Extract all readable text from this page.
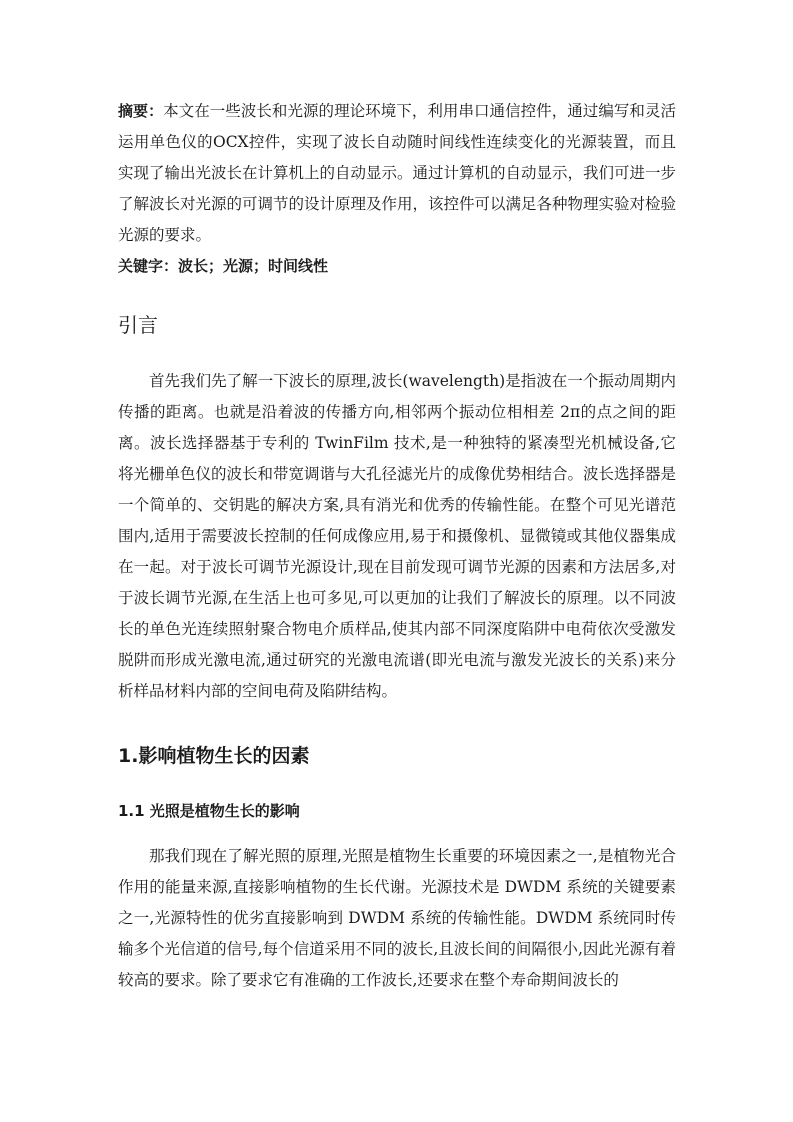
摘要：本文在一些波长和光源的理论环境下，利用串口通信控件，通过编写和灵活运用单色仪的OCX控件，实现了波长自动随时间线性连续变化的光源装置，而且实现了输出光波长在计算机上的自动显示。通过计算机的自动显示，我们可进一步了解波长对光源的可调节的设计原理及作用，该控件可以满足各种物理实验对检验光源的要求。

关键字：波长；光源；时间线性
引言

首先我们先了解一下波长的原理,波长(wavelength)是指波在一个振动周期内传播的距离。也就是沿着波的传播方向,相邻两个振动位相相差 2π的点之间的距离。波长选择器基于专利的 TwinFilm 技术,是一种独特的紧凑型光机械设备,它将光栅单色仪的波长和带宽调谐与大孔径滤光片的成像优势相结合。波长选择器是一个简单的、交钥匙的解决方案,具有消光和优秀的传输性能。在整个可见光谱范围内,适用于需要波长控制的任何成像应用,易于和摄像机、显微镜或其他仪器集成在一起。对于波长可调节光源设计,现在目前发现可调节光源的因素和方法居多,对于波长调节光源,在生活上也可多见,可以更加的让我们了解波长的原理。以不同波长的单色光连续照射聚合物电介质样品,使其内部不同深度陷阱中电荷依次受激发脱阱而形成光激电流,通过研究的光激电流谱(即光电流与激发光波长的关系)来分析样品材料内部的空间电荷及陷阱结构。

1.影响植物生长的因素
1.1 光照是植物生长的影响

那我们现在了解光照的原理,光照是植物生长重要的环境因素之一,是植物光合作用的能量来源,直接影响植物的生长代谢。光源技术是 DWDM 系统的关键要素之一,光源特性的优劣直接影响到 DWDM 系统的传输性能。DWDM 系统同时传输多个光信道的信号,每个信道采用不同的波长,且波长间的间隔很小,因此光源有着较高的要求。除了要求它有准确的工作波长,还要求在整个寿命期间波长的
